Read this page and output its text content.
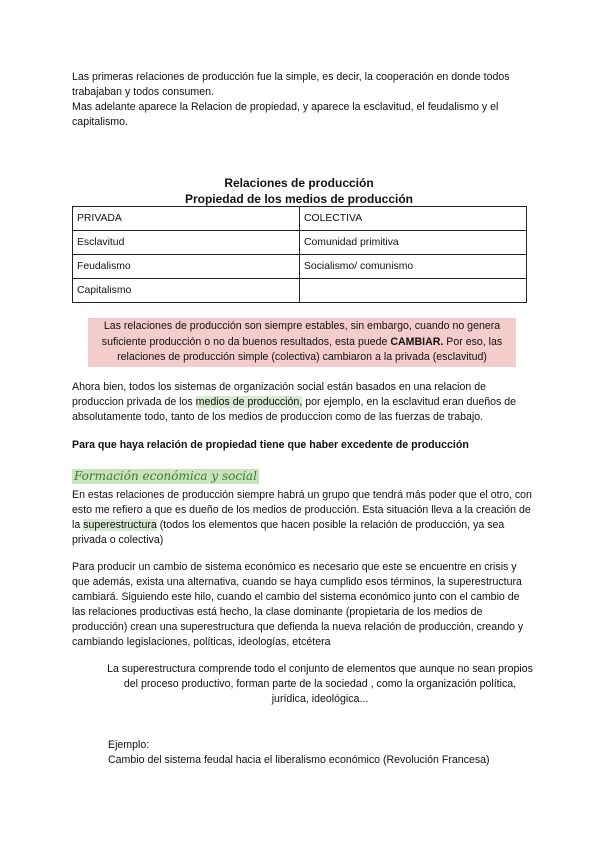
Las primeras relaciones de producción fue la simple, es decir, la cooperación en donde todos trabajaban y todos consumen.

Mas adelante aparece la Relacion de propiedad, y aparece la esclavitud, el feudalismo y el capitalismo.

Relaciones de producción
Propiedad de los medios de producción
PRIVADA	COLECTIVA
Esclavitud	Comunidad primitiva
Feudalismo	Socialismo/ comunismo
Capitalismo	
Las relaciones de producción son siempre estables, sin embargo, cuando no genera suficiente producción o no da buenos resultados, esta puede CAMBIAR. Por eso, las relaciones de producción simple (colectiva) cambiaron a la privada (esclavitud)
Ahora bien, todos los sistemas de organización social están basados en una relacion de produccion privada de los medios de producción, por ejemplo, en la esclavitud eran dueños de absolutamente todo, tanto de los medios de produccion como de las fuerzas de trabajo.
Para que haya relación de propiedad tiene que haber excedente de producción
Formación económica y social
En estas relaciones de producción siempre habrá un grupo que tendrá más poder que el otro, con esto me refiero a que es dueño de los medios de producción. Esta situación lleva a la creación de la superestructura (todos los elementos que hacen posible la relación de producción, ya sea privada o colectiva)
Para producir un cambio de sistema económico es necesario que este se encuentre en crisis y que además, exista una alternativa, cuando se haya cumplido esos términos, la superestructura cambiará. Siguiendo este hilo, cuando el cambio del sistema económico junto con el cambio de las relaciones productivas está hecho, la clase dominante (propietaria de los medios de producción) crean una superestructura que defienda la nueva relación de producción, creando y cambiando legislaciones, políticas, ideologías, etcétera
La superestructura comprende todo el conjunto de elementos que aunque no sean propios del proceso productivo, forman parte de la sociedad , como la organización política, jurídica, ideológica...

Ejemplo:

Cambio del sistema feudal hacia el liberalismo económico (Revolución Francesa)
